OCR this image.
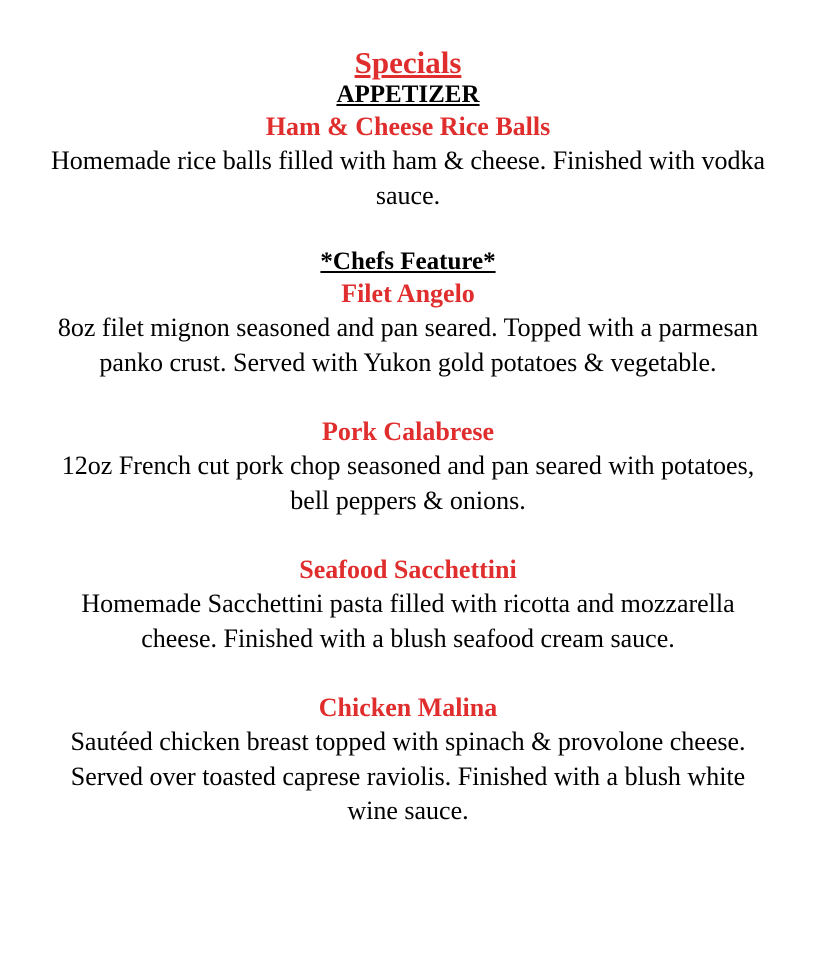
Specials
APPETIZER
Ham & Cheese Rice Balls

Homemade rice balls filled with ham & cheese. Finished with vodka sauce.

*Chefs Feature*
Filet Angelo

8oz filet mignon seasoned and pan seared. Topped with a parmesan panko crust. Served with Yukon gold potatoes & vegetable.

Pork Calabrese

12oz French cut pork chop seasoned and pan seared with potatoes, bell peppers & onions.

Seafood Sacchettini

Homemade Sacchettini pasta filled with ricotta and mozzarella cheese. Finished with a blush seafood cream sauce.

Chicken Malina

Sautéed chicken breast topped with spinach & provolone cheese. Served over toasted caprese raviolis. Finished with a blush white wine sauce.
